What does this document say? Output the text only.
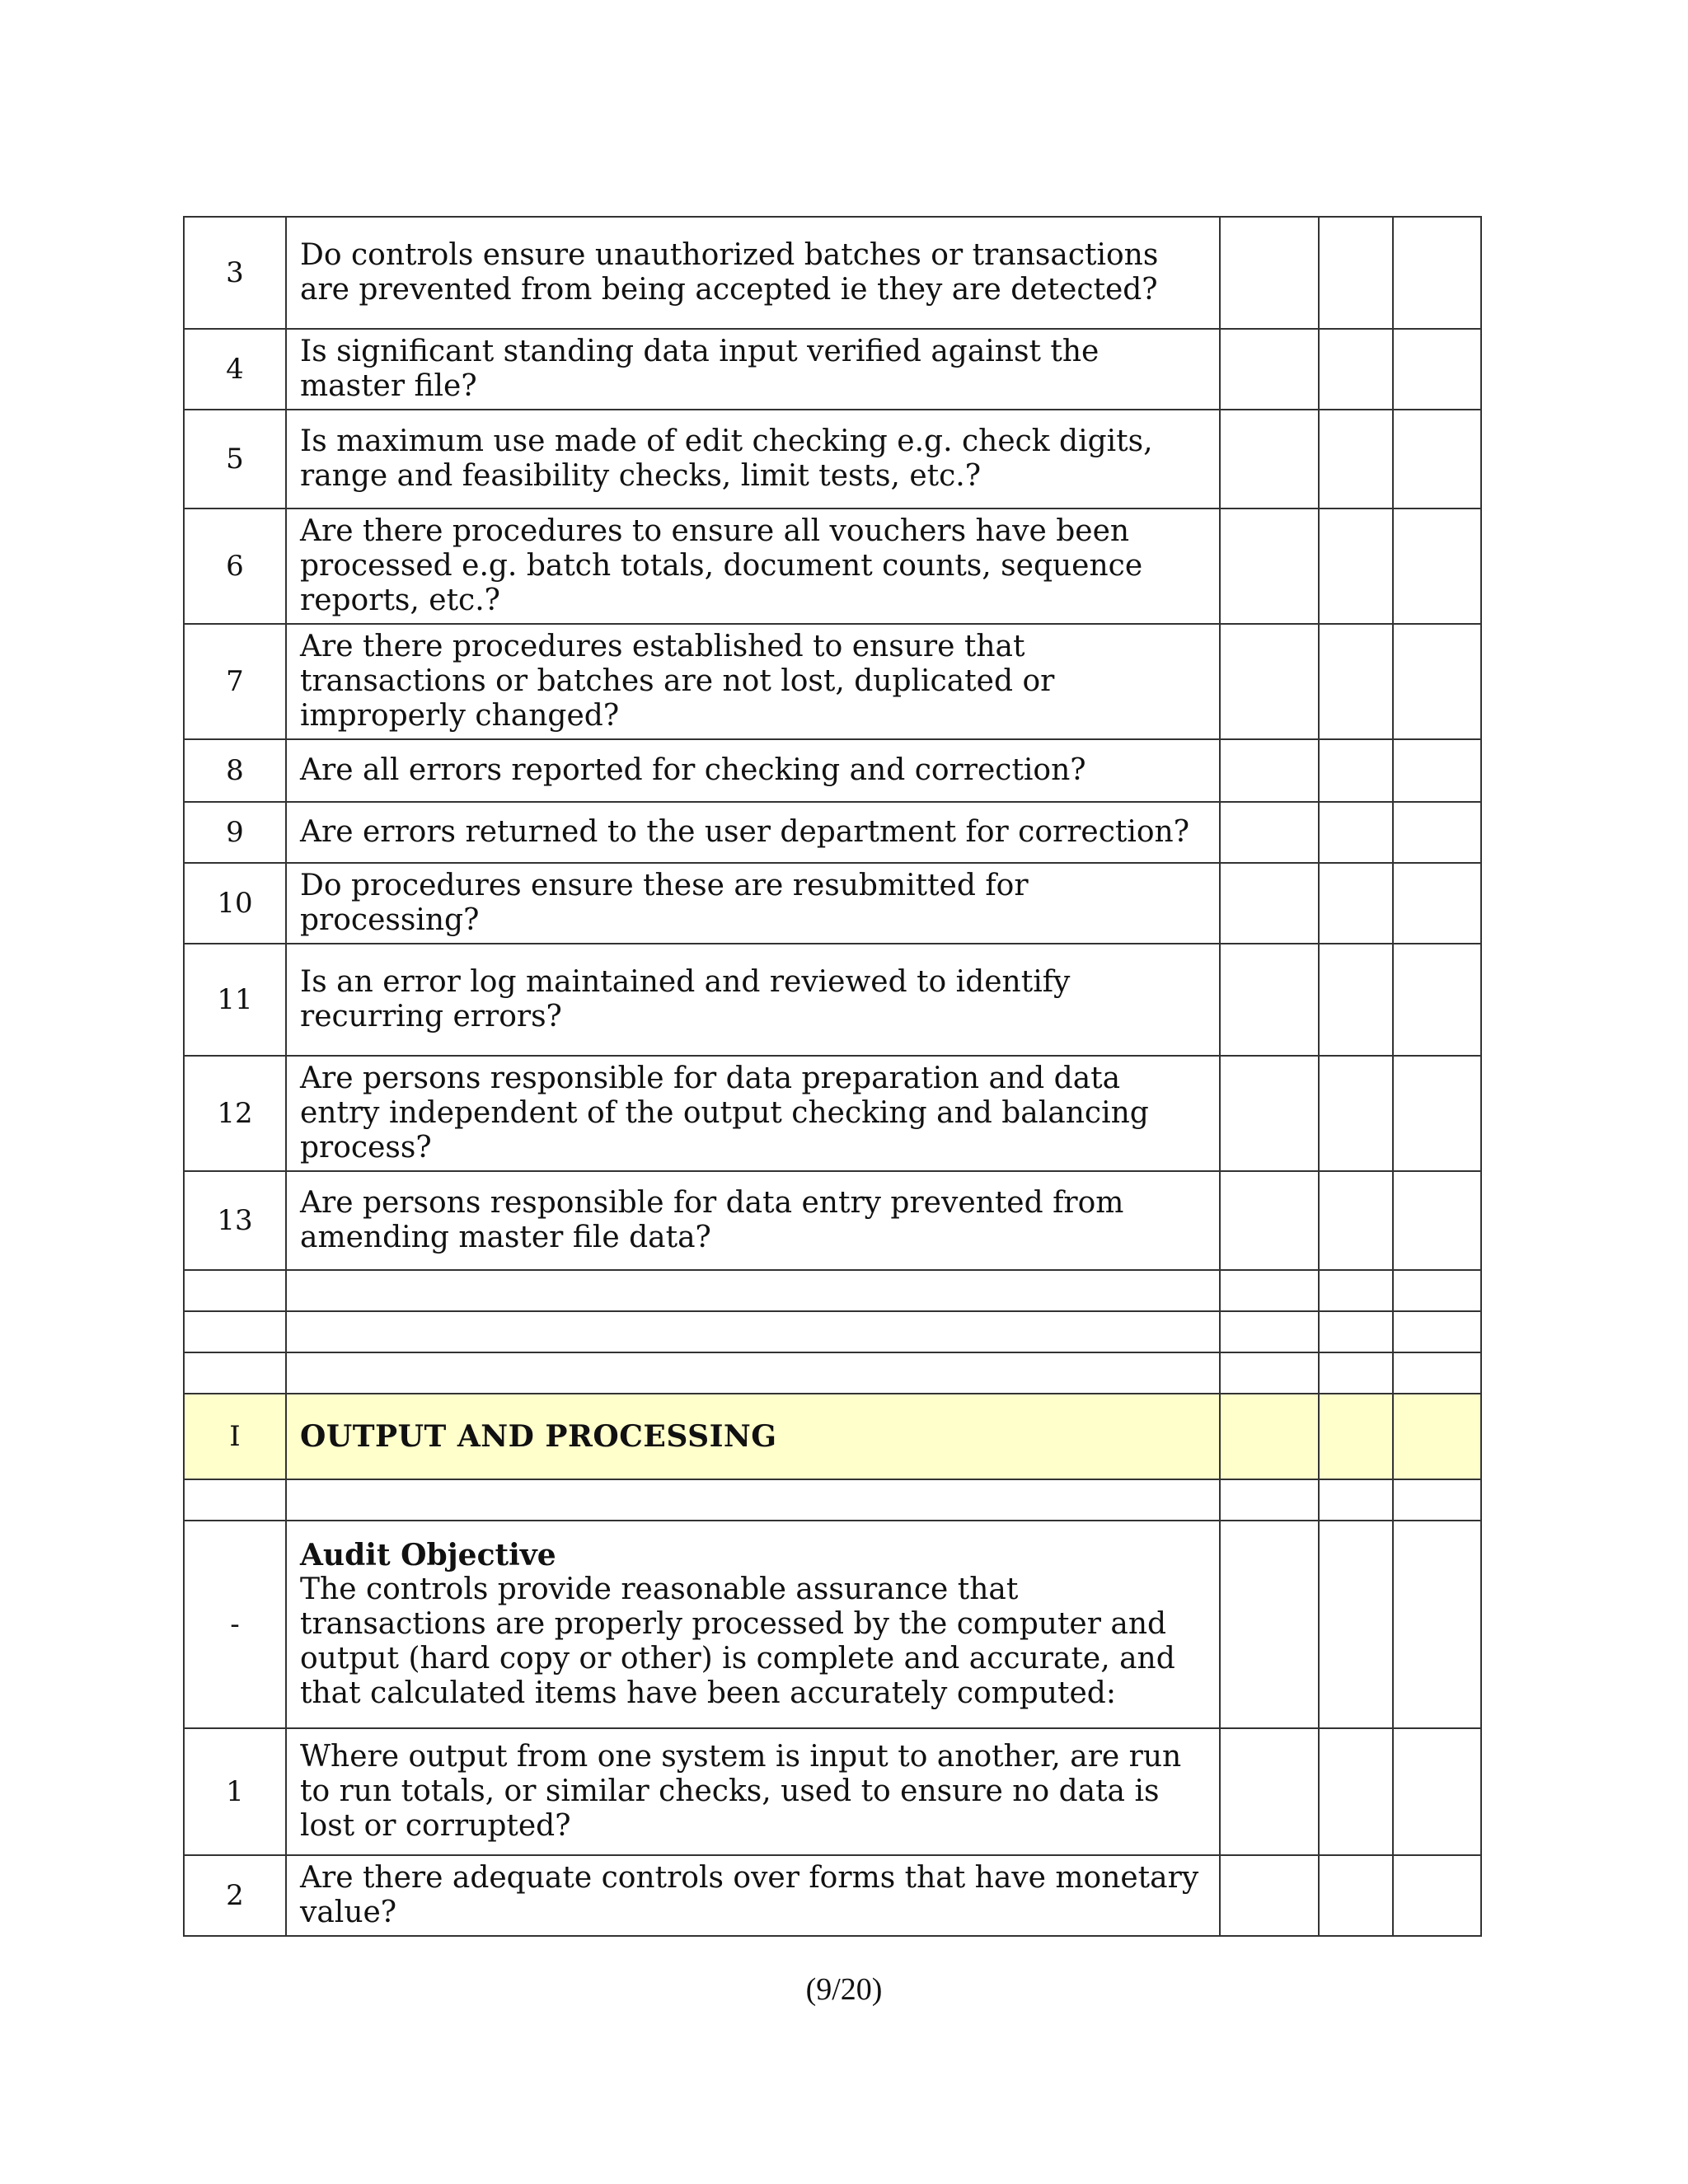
3	Do controls ensure unauthorized batches or transactions are prevented from being accepted ie they are detected?			
4	Is significant standing data input verified against the master file?			
5	Is maximum use made of edit checking e.g. check digits, range and feasibility checks, limit tests, etc.?			
6	Are there procedures to ensure all vouchers have been processed e.g. batch totals, document counts, sequence reports, etc.?			
7	Are there procedures established to ensure that transactions or batches are not lost, duplicated or improperly changed?			
8	Are all errors reported for checking and correction?			
9	Are errors returned to the user department for correction?			
10	Do procedures ensure these are resubmitted for processing?			
11	Is an error log maintained and reviewed to identify recurring errors?			
12	Are persons responsible for data preparation and data entry independent of the output checking and balancing process?			
13	Are persons responsible for data entry prevented from amending master file data?			

I	OUTPUT AND PROCESSING			

-	Audit Objective
The controls provide reasonable assurance that transactions are properly processed by the computer and output (hard copy or other) is complete and accurate, and that calculated items have been accurately computed:			
1	Where output from one system is input to another, are run to run totals, or similar checks, used to ensure no data is lost or corrupted?			
2	Are there adequate controls over forms that have monetary value?			
(9/20)
